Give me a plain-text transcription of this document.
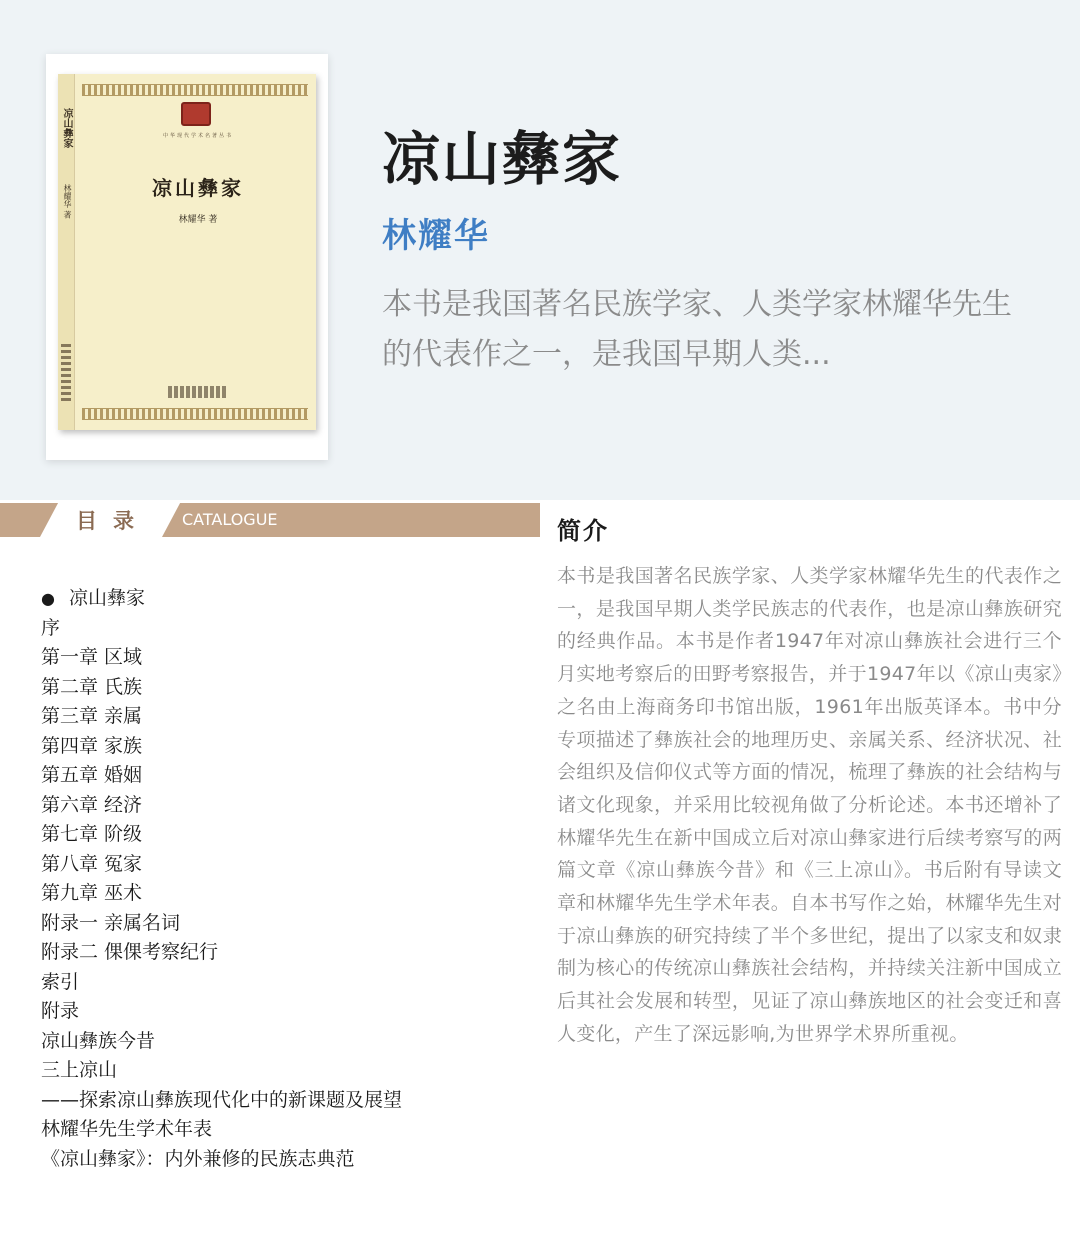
凉山彝家
林耀华 著
中华现代学术名著丛书
凉山彝家
林耀华 著
凉山彝家
林耀华
本书是我国著名民族学家、人类学家林耀华先生的代表作之一，是我国早期人类...
目录 CATALOGUE
● 凉山彝家
序
第一章 区域
第二章 氏族
第三章 亲属
第四章 家族
第五章 婚姻
第六章 经济
第七章 阶级
第八章 冤家
第九章 巫术
附录一 亲属名词
附录二 倮倮考察纪行
索引
附录
凉山彝族今昔
三上凉山
——探索凉山彝族现代化中的新课题及展望
林耀华先生学术年表
《凉山彝家》：内外兼修的民族志典范
简介
本书是我国著名民族学家、人类学家林耀华先生的代表作之一，是我国早期人类学民族志的代表作，也是凉山彝族研究的经典作品。本书是作者1947年对凉山彝族社会进行三个月实地考察后的田野考察报告，并于1947年以《凉山夷家》之名由上海商务印书馆出版，1961年出版英译本。书中分专项描述了彝族社会的地理历史、亲属关系、经济状况、社会组织及信仰仪式等方面的情况，梳理了彝族的社会结构与诸文化现象，并采用比较视角做了分析论述。本书还增补了林耀华先生在新中国成立后对凉山彝家进行后续考察写的两篇文章《凉山彝族今昔》和《三上凉山》。书后附有导读文章和林耀华先生学术年表。自本书写作之始，林耀华先生对于凉山彝族的研究持续了半个多世纪，提出了以家支和奴隶制为核心的传统凉山彝族社会结构，并持续关注新中国成立后其社会发展和转型，见证了凉山彝族地区的社会变迁和喜人变化，产生了深远影响,为世界学术界所重视。
